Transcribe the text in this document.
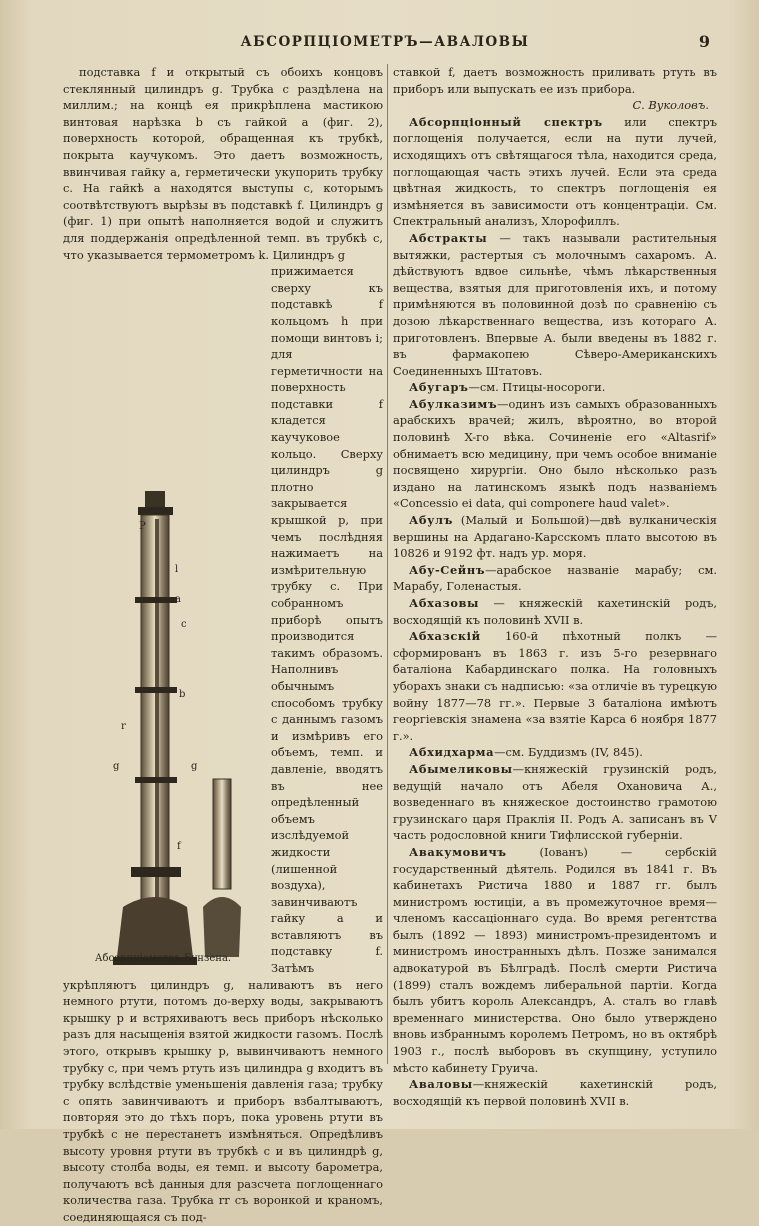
АБСОРПЦІОМЕТРЪ—АВАЛОВЫ	9

подставка f и открытый съ обоихъ концовъ стеклянный цилиндръ g. Трубка c раздѣлена на миллим.; на концѣ ея прикрѣплена мастикою винтовая нарѣзка b съ гайкой a (фиг. 2), поверхность которой, обращенная къ трубкѣ, покрыта каучукомъ. Это даетъ возможность, ввинчивая гайку a, герметически укупорить трубку c. На гайкѣ a находятся выступы c, которымъ соотвѣтствуютъ вырѣзы въ подставкѣ f. Цилиндръ g (фиг. 1) при опытѣ наполняется водой и служитъ для поддержанія опредѣленной темп. въ трубкѣ c, что указывается термометромъ k. Цилиндръ g

P
l
a
c
b
r
g	g
f
Абсорпціометръ Бунзена.

прижимается сверху къ подставкѣ f кольцомъ h при помощи винтовъ i; для герметичности на поверхность подставки f кладется каучуковое кольцо. Сверху цилиндръ g плотно закрывается крышкой p, при чемъ послѣдняя нажимаетъ на измѣрительную трубку c. При собранномъ приборѣ опытъ производится такимъ образомъ. Наполнивъ обычнымъ способомъ трубку c даннымъ газомъ и измѣривъ его объемъ, темп. и давленіе, вводятъ въ нее опредѣленный объемъ изслѣдуемой жидкости (лишенной

воздуха), завинчиваютъ гайку a и вставляютъ въ подставку f. Затѣмъ укрѣпляютъ цилиндръ g, наливаютъ въ него немного ртути, потомъ до-верху воды, закрываютъ крышку p и встряхиваютъ весь приборъ нѣсколько разъ для насыщенія взятой жидкости газомъ. Послѣ этого, открывъ крышку p, вывинчиваютъ немного трубку c, при чемъ ртуть изъ цилиндра g входитъ въ трубку вслѣдствіе уменьшенія давленія газа; трубку c опять завинчиваютъ и приборъ взбалтываютъ, повторяя это до тѣхъ поръ, пока уровень ртути въ трубкѣ c не перестанетъ измѣняться. Опредѣливъ высоту уровня ртути въ трубкѣ c и въ цилиндрѣ g, высоту столба воды, ея темп. и высоту барометра, получаютъ всѣ данныя для разсчета поглощеннаго количества газа. Трубка rr съ воронкой и краномъ, соединяющаяся съ под-

ставкой f, даетъ возможность приливать ртуть въ приборъ или выпускать ее изъ прибора.

С. Вуколовъ.

Абсорпціонный спектръ или спектръ поглощенія получается, если на пути лучей, исходящихъ отъ свѣтящагося тѣла, находится среда, поглощающая часть этихъ лучей. Если эта среда цвѣтная жидкость, то спектръ поглощенія ея измѣняется въ зависимости отъ концентраціи. См. Спектральный анализъ, Хлорофиллъ.

Абстракты — такъ называли растительныя вытяжки, растертыя съ молочнымъ сахаромъ. А. дѣйствуютъ вдвое сильнѣе, чѣмъ лѣкарственныя вещества, взятыя для приготовленія ихъ, и потому примѣняются въ половинной дозѣ по сравненію съ дозою лѣкарственнаго вещества, изъ котораго А. приготовленъ. Впервые А. были введены въ 1882 г. въ фармакопею Сѣверо-Американскихъ Соединенныхъ Штатовъ.

Абугаръ—см. Птицы-носороги.

Абулказимъ—одинъ изъ самыхъ образованныхъ арабскихъ врачей; жилъ, вѣроятно, во второй половинѣ X-го вѣка. Сочиненіе его «Altasrif» обнимаетъ всю медицину, при чемъ особое вниманіе посвящено хирургіи. Оно было нѣсколько разъ издано на латинскомъ языкѣ подъ названіемъ «Concessio ei data, qui componere haud valet».

Абулъ (Малый и Большой)—двѣ вулканическія вершины на Ардагано-Карсскомъ плато высотою въ 10826 и 9192 фт. надъ ур. моря.

Абу-Сейнъ—арабское названіе марабу; см. Марабу, Голенастыя.

Абхазовы — княжескій кахетинскій родъ, восходящій къ половинѣ XVII в.

Абхазскій 160-й пѣхотный полкъ — сформированъ въ 1863 г. изъ 5-го резервнаго баталіона Кабардинскаго полка. На головныхъ уборахъ знаки съ надписью: «за отличіе въ турецкую войну 1877—78 гг.». Первые 3 баталіона имѣютъ георгіевскія знамена «за взятіе Карса 6 ноября 1877 г.».

Абхидхарма—см. Буддизмъ (IV, 845).

Абымеликовы—княжескій грузинскій родъ, ведущій начало отъ Абеля Охановича А., возведеннаго въ княжеское достоинство грамотою грузинскаго царя Праклія II. Родъ А. записанъ въ V часть родословной книги Тифлисской губерніи.

Авакумовичъ (Іованъ) — сербскій государственный дѣятель. Родился въ 1841 г. Въ кабинетахъ Ристича 1880 и 1887 гг. былъ министромъ юстиціи, а въ промежуточное время—членомъ кассаціоннаго суда. Во время регентства былъ (1892 — 1893) министромъ-президентомъ и министромъ иностранныхъ дѣлъ. Позже занимался адвокатурой въ Бѣлградѣ. Послѣ смерти Ристича (1899) сталъ вождемъ либеральной партіи. Когда былъ убитъ король Александръ, А. сталъ во главѣ временнаго министерства. Оно было утверждено вновь избраннымъ королемъ Петромъ, но въ октябрѣ 1903 г., послѣ выборовъ въ скупщину, уступило мѣсто кабинету Груича.

Аваловы—княжескій кахетинскій родъ, восходящій къ первой половинѣ XVII в.
